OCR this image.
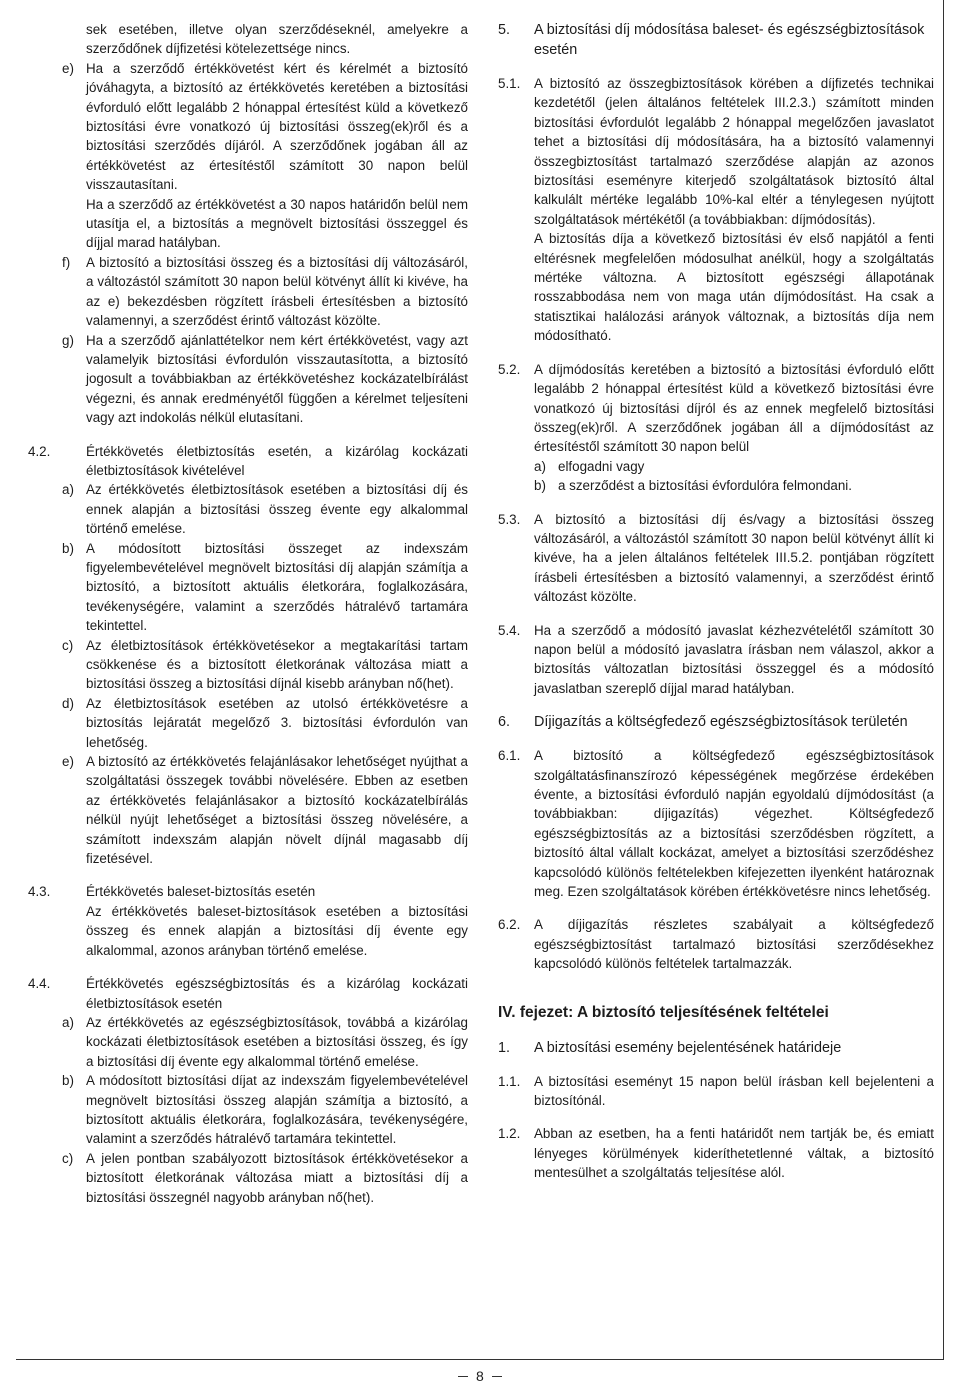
sek esetében, illetve olyan szerződéseknél, amelyekre a szerződőnek díjfizetési kötelezettsége nincs.

e) Ha a szerződő értékkövetést kért és kérelmét a biztosító jóváhagyta, a biztosító az értékkövetés keretében a biztosítási évforduló előtt legalább 2 hónappal értesítést küld a következő biztosítási évre vonatkozó új biztosítási összeg(ek)ről és a biztosítási szerződés díjáról. A szerződőnek jogában áll az értékkövetést az értesítéstől számított 30 napon belül visszautasítani.

Ha a szerződő az értékkövetést a 30 napos határidőn belül nem utasítja el, a biztosítás a megnövelt biztosítási összeggel és díjjal marad hatályban.

f) A biztosító a biztosítási összeg és a biztosítási díj változásáról, a változástól számított 30 napon belül kötvényt állít ki kivéve, ha az e) bekezdésben rögzített írásbeli értesítésben a biztosító valamennyi, a szerződést érintő változást közölte.

g) Ha a szerződő ajánlattételkor nem kért értékkövetést, vagy azt valamelyik biztosítási évfordulón visszautasította, a biztosító jogosult a továbbiakban az értékkövetéshez kockázatelbírálást végezni, és annak eredményétől függően a kérelmet teljesíteni vagy azt indokolás nélkül elutasítani.

4.2.	Értékkövetés életbiztosítás esetén, a kizárólag kockázati életbiztosítások kivételével

a) Az értékkövetés életbiztosítások esetében a biztosítási díj és ennek alapján a biztosítási összeg évente egy alkalommal történő emelése.

b) A módosított biztosítási összeget az indexszám figyelembevételével megnövelt biztosítási díj alapján számítja a biztosító, a biztosított aktuális életkorára, foglalkozására, tevékenységére, valamint a szerződés hátralévő tartamára tekintettel.

c) Az életbiztosítások értékkövetésekor a megtakarítási tartam csökkenése és a biztosított életkorának változása miatt a biztosítási összeg a biztosítási díjnál kisebb arányban nő(het).

d) Az életbiztosítások esetében az utolsó értékkövetésre a biztosítás lejáratát megelőző 3. biztosítási évfordulón van lehetőség.

e) A biztosító az értékkövetés felajánlásakor lehetőséget nyújthat a szolgáltatási összegek további növelésére. Ebben az esetben az értékkövetés felajánlásakor a biztosító kockázatelbírálás nélkül nyújt lehetőséget a biztosítási összeg növelésére, a számított indexszám alapján növelt díjnál magasabb díj fizetésével.

4.3.	Értékkövetés baleset-biztosítás esetén

Az értékkövetés baleset-biztosítások esetében a biztosítási összeg és ennek alapján a biztosítási díj évente egy alkalommal, azonos arányban történő emelése.

4.4.	Értékkövetés egészségbiztosítás és a kizárólag kockázati életbiztosítások esetén

a) Az értékkövetés az egészségbiztosítások, továbbá a kizárólag kockázati életbiztosítások esetében a biztosítási összeg, és így a biztosítási díj évente egy alkalommal történő emelése.

b) A módosított biztosítási díjat az indexszám figyelembevételével megnövelt biztosítási összeg alapján számítja a biztosító, a biztosított aktuális életkorára, foglalkozására, tevékenységére, valamint a szerződés hátralévő tartamára tekintettel.

c) A jelen pontban szabályozott biztosítások értékkövetésekor a biztosított életkorának változása miatt a biztosítási díj a biztosítási összegnél nagyobb arányban nő(het).

5. A biztosítási díj módosítása baleset- és egészségbiztosítások esetén

5.1. A biztosító az összegbiztosítások körében a díjfizetés technikai kezdetétől (jelen általános feltételek III.2.3.) számított minden biztosítási évfordulót legalább 2 hónappal megelőzően javaslatot tehet a biztosítási díj módosítására, ha a biztosító valamennyi összegbiztosítást tartalmazó szerződése alapján az azonos biztosítási eseményre kiterjedő szolgáltatások biztosító által kalkulált mértéke legalább 10%-kal eltér a ténylegesen nyújtott szolgáltatások mértékétől (a továbbiakban: díjmódosítás).

A biztosítás díja a következő biztosítási év első napjától a fenti eltérésnek megfelelően módosulhat anélkül, hogy a szolgáltatás mértéke változna. A biztosított egészségi állapotának rosszabbodása nem von maga után díjmódosítást. Ha csak a statisztikai halálozási arányok változnak, a biztosítás díja nem módosítható.

5.2. A díjmódosítás keretében a biztosító a biztosítási évforduló előtt legalább 2 hónappal értesítést küld a következő biztosítási évre vonatkozó új biztosítási díjról és az ennek megfelelő biztosítási összeg(ek)ről. A szerződőnek jogában áll a díjmódosítást az értesítéstől számított 30 napon belül

a) elfogadni vagy
b) a szerződést a biztosítási évfordulóra felmondani.
5.3. A biztosító a biztosítási díj és/vagy a biztosítási összeg változásáról, a változástól számított 30 napon belül kötvényt állít ki kivéve, ha a jelen általános feltételek III.5.2. pontjában rögzített írásbeli értesítésben a biztosító valamennyi, a szerződést érintő változást közölte.

5.4. Ha a szerződő a módosító javaslat kézhezvételétől számított 30 napon belül a módosító javaslatra írásban nem válaszol, akkor a biztosítás változatlan biztosítási összeggel és a módosító javaslatban szereplő díjjal marad hatályban.

6. Díjigazítás a költségfedező egészségbiztosítások területén

6.1. A biztosító a költségfedező egészségbiztosítások szolgáltatásfinanszírozó képességének megőrzése érdekében évente, a biztosítási évforduló napján egyoldalú díjmódosítást (a továbbiakban: díjigazítás) végezhet. Költségfedező egészségbiztosítás az a biztosítási szerződésben rögzített, a biztosító által vállalt kockázat, amelyet a biztosítási szerződéshez kapcsolódó különös feltételekben kifejezetten ilyenként határoznak meg. Ezen szolgáltatások körében értékkövetésre nincs lehetőség.

6.2. A díjigazítás részletes szabályait a költségfedező egészségbiztosítást tartalmazó biztosítási szerződésekhez kapcsolódó különös feltételek tartalmazzák.

IV. fejezet: A biztosító teljesítésének feltételei

1. A biztosítási esemény bejelentésének határideje

1.1. A biztosítási eseményt 15 napon belül írásban kell bejelenteni a biztosítónál.

1.2. Abban az esetben, ha a fenti határidőt nem tartják be, és emiatt lényeges körülmények kideríthetetlenné váltak, a biztosító mentesülhet a szolgáltatás teljesítése alól.

8
